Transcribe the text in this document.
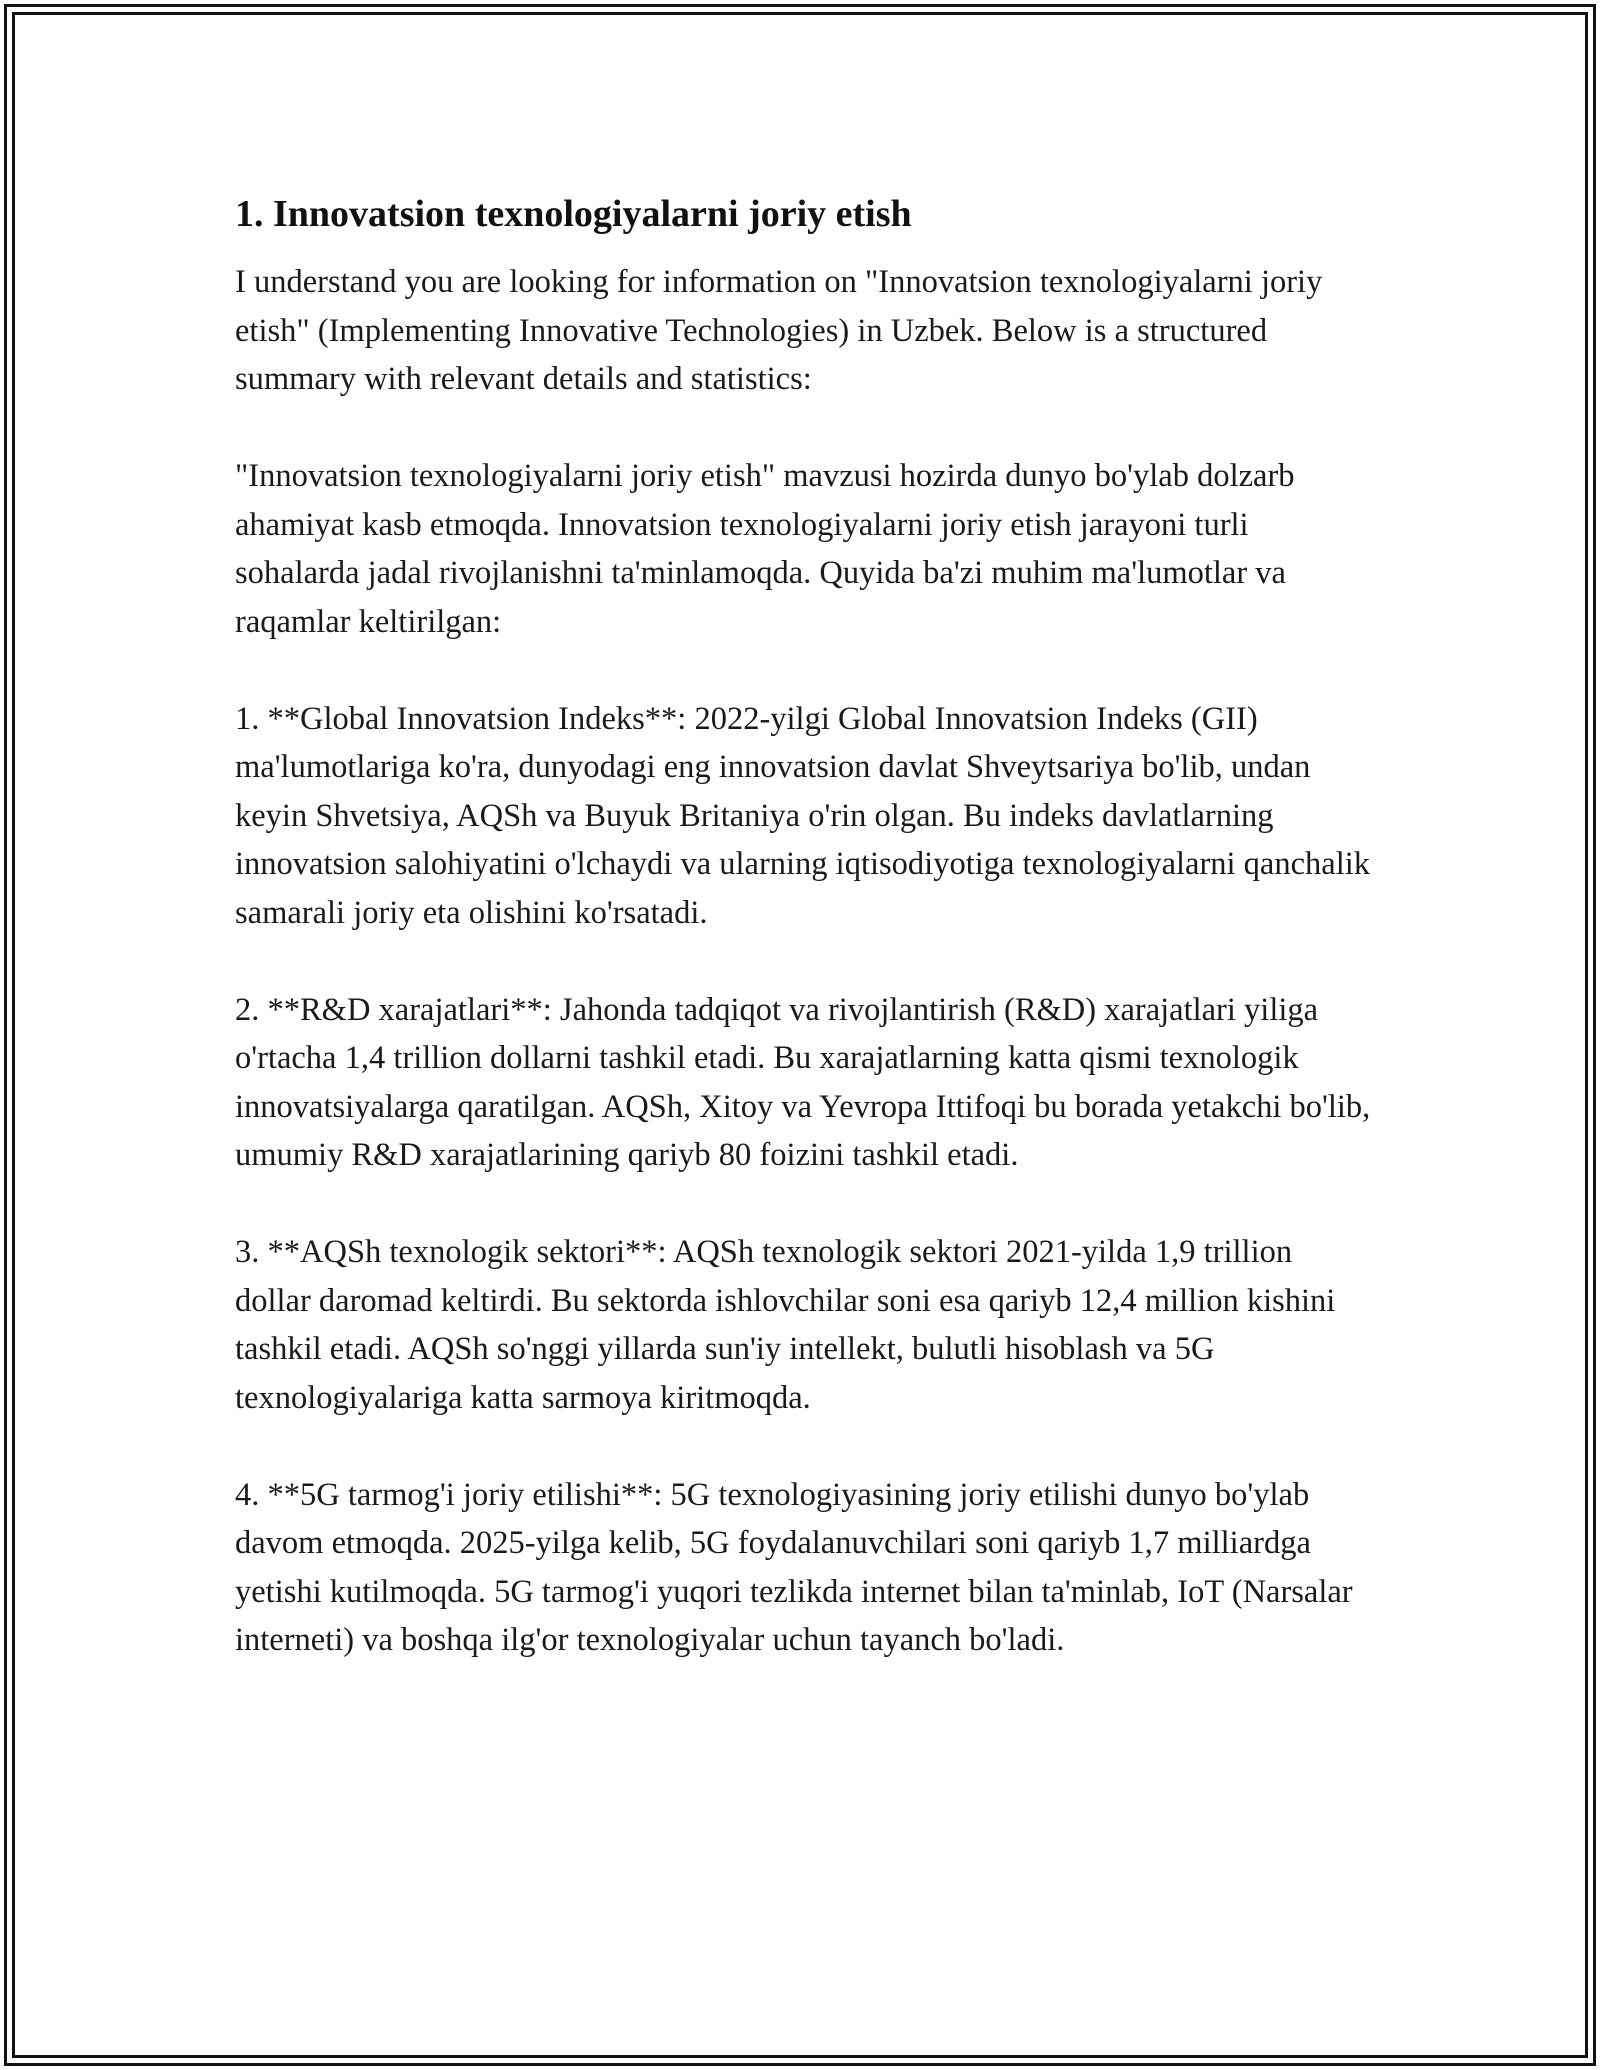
1. Innovatsion texnologiyalarni joriy etish

I understand you are looking for information on "Innovatsion texnologiyalarni joriy etish" (Implementing Innovative Technologies) in Uzbek. Below is a structured summary with relevant details and statistics:

"Innovatsion texnologiyalarni joriy etish" mavzusi hozirda dunyo bo'ylab dolzarb ahamiyat kasb etmoqda. Innovatsion texnologiyalarni joriy etish jarayoni turli sohalarda jadal rivojlanishni ta'minlamoqda. Quyida ba'zi muhim ma'lumotlar va raqamlar keltirilgan:

1. **Global Innovatsion Indeks**: 2022-yilgi Global Innovatsion Indeks (GII) ma'lumotlariga ko'ra, dunyodagi eng innovatsion davlat Shveytsariya bo'lib, undan keyin Shvetsiya, AQSh va Buyuk Britaniya o'rin olgan. Bu indeks davlatlarning innovatsion salohiyatini o'lchaydi va ularning iqtisodiyotiga texnologiyalarni qanchalik samarali joriy eta olishini ko'rsatadi.

2. **R&D xarajatlari**: Jahonda tadqiqot va rivojlantirish (R&D) xarajatlari yiliga o'rtacha 1,4 trillion dollarni tashkil etadi. Bu xarajatlarning katta qismi texnologik innovatsiyalarga qaratilgan. AQSh, Xitoy va Yevropa Ittifoqi bu borada yetakchi bo'lib, umumiy R&D xarajatlarining qariyb 80 foizini tashkil etadi.

3. **AQSh texnologik sektori**: AQSh texnologik sektori 2021-yilda 1,9 trillion dollar daromad keltirdi. Bu sektorda ishlovchilar soni esa qariyb 12,4 million kishini tashkil etadi. AQSh so'nggi yillarda sun'iy intellekt, bulutli hisoblash va 5G texnologiyalariga katta sarmoya kiritmoqda.

4. **5G tarmog'i joriy etilishi**: 5G texnologiyasining joriy etilishi dunyo bo'ylab davom etmoqda. 2025-yilga kelib, 5G foydalanuvchilari soni qariyb 1,7 milliardga yetishi kutilmoqda. 5G tarmog'i yuqori tezlikda internet bilan ta'minlab, IoT (Narsalar interneti) va boshqa ilg'or texnologiyalar uchun tayanch bo'ladi.
